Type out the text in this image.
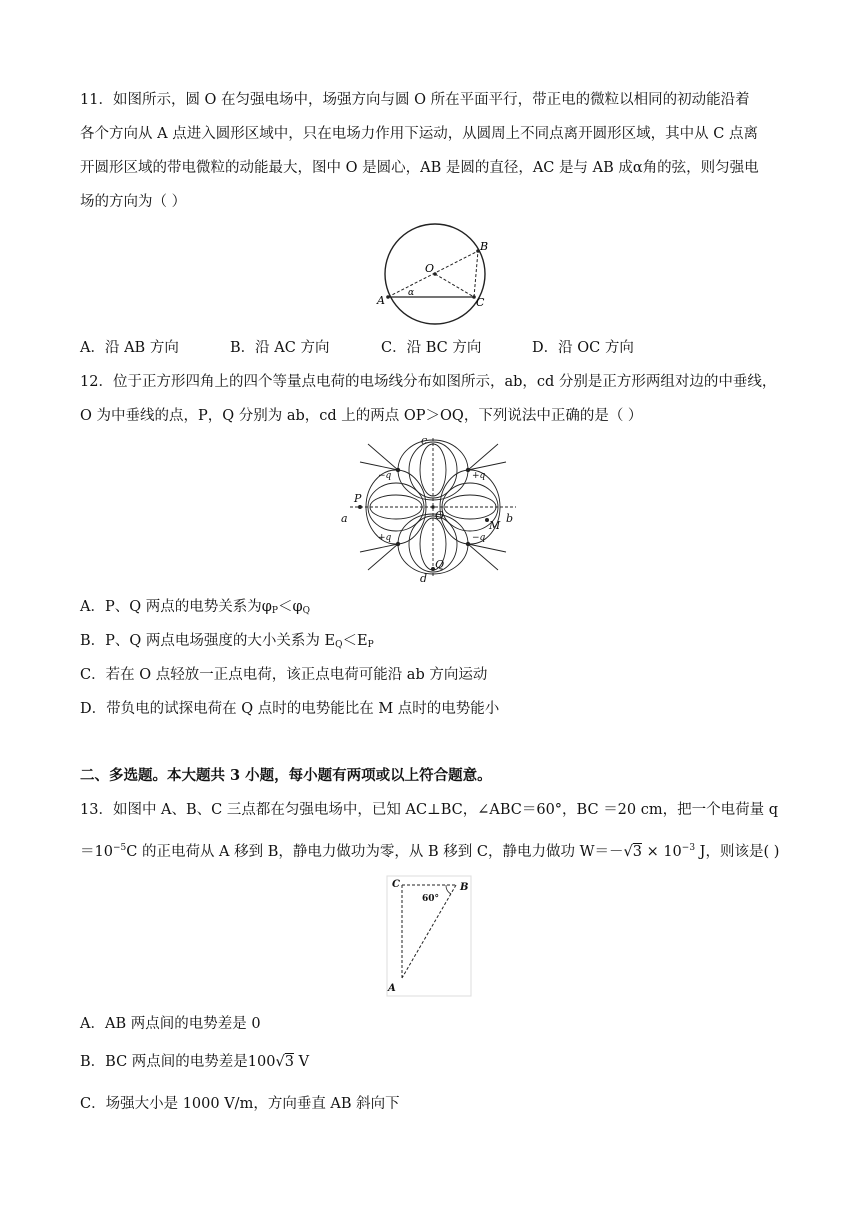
11．如图所示，圆 O 在匀强电场中，场强方向与圆 O 所在平面平行，带正电的微粒以相同的初动能沿着
各个方向从 A 点进入圆形区域中，只在电场力作用下运动，从圆周上不同点离开圆形区域，其中从 C 点离
开圆形区域的带电微粒的动能最大，图中 O 是圆心，AB 是圆的直径，AC 是与 AB 成α角的弦，则匀强电
场的方向为（ ）
O
A	C
B
α
A．沿 AB 方向	B．沿 AC 方向	C．沿 BC 方向	D．沿 OC 方向
12．位于正方形四角上的四个等量点电荷的电场线分布如图所示，ab，cd 分别是正方形两组对边的中垂线，
O 为中垂线的点，P，Q 分别为 ab，cd 上的两点 OP＞OQ，下列说法中正确的是（ ）
c
d
a	b
P
Q
O
M
−q	+q
+q	−q
A．P、Q 两点的电势关系为$\varphi_P<\varphi_Q$
B．P、Q 两点电场强度的大小关系为 $E_Q<E_P$
C．若在 O 点轻放一正点电荷，该正点电荷可能沿 ab 方向运动
D．带负电的试探电荷在 Q 点时的电势能比在 M 点时的电势能小
二、多选题。本大题共 3 小题，每小题有两项或以上符合题意。
13．如图中 A、B、C 三点都在匀强电场中，已知 AC⊥BC，∠ABC＝60°，BC ＝20 cm，把一个电荷量 q
$=10^{-5}C$ 的正电荷从 A 移到 B，静电力做功为零，从 B 移到 C，静电力做功 $W=-√3 \times 10^{-3}$ J，则该是( )
C	B
A
60°
A．AB 两点间的电势差是 0
B．BC 两点间的电势差是100√3 V
C．场强大小是 1000 V/m，方向垂直 AB 斜向下
